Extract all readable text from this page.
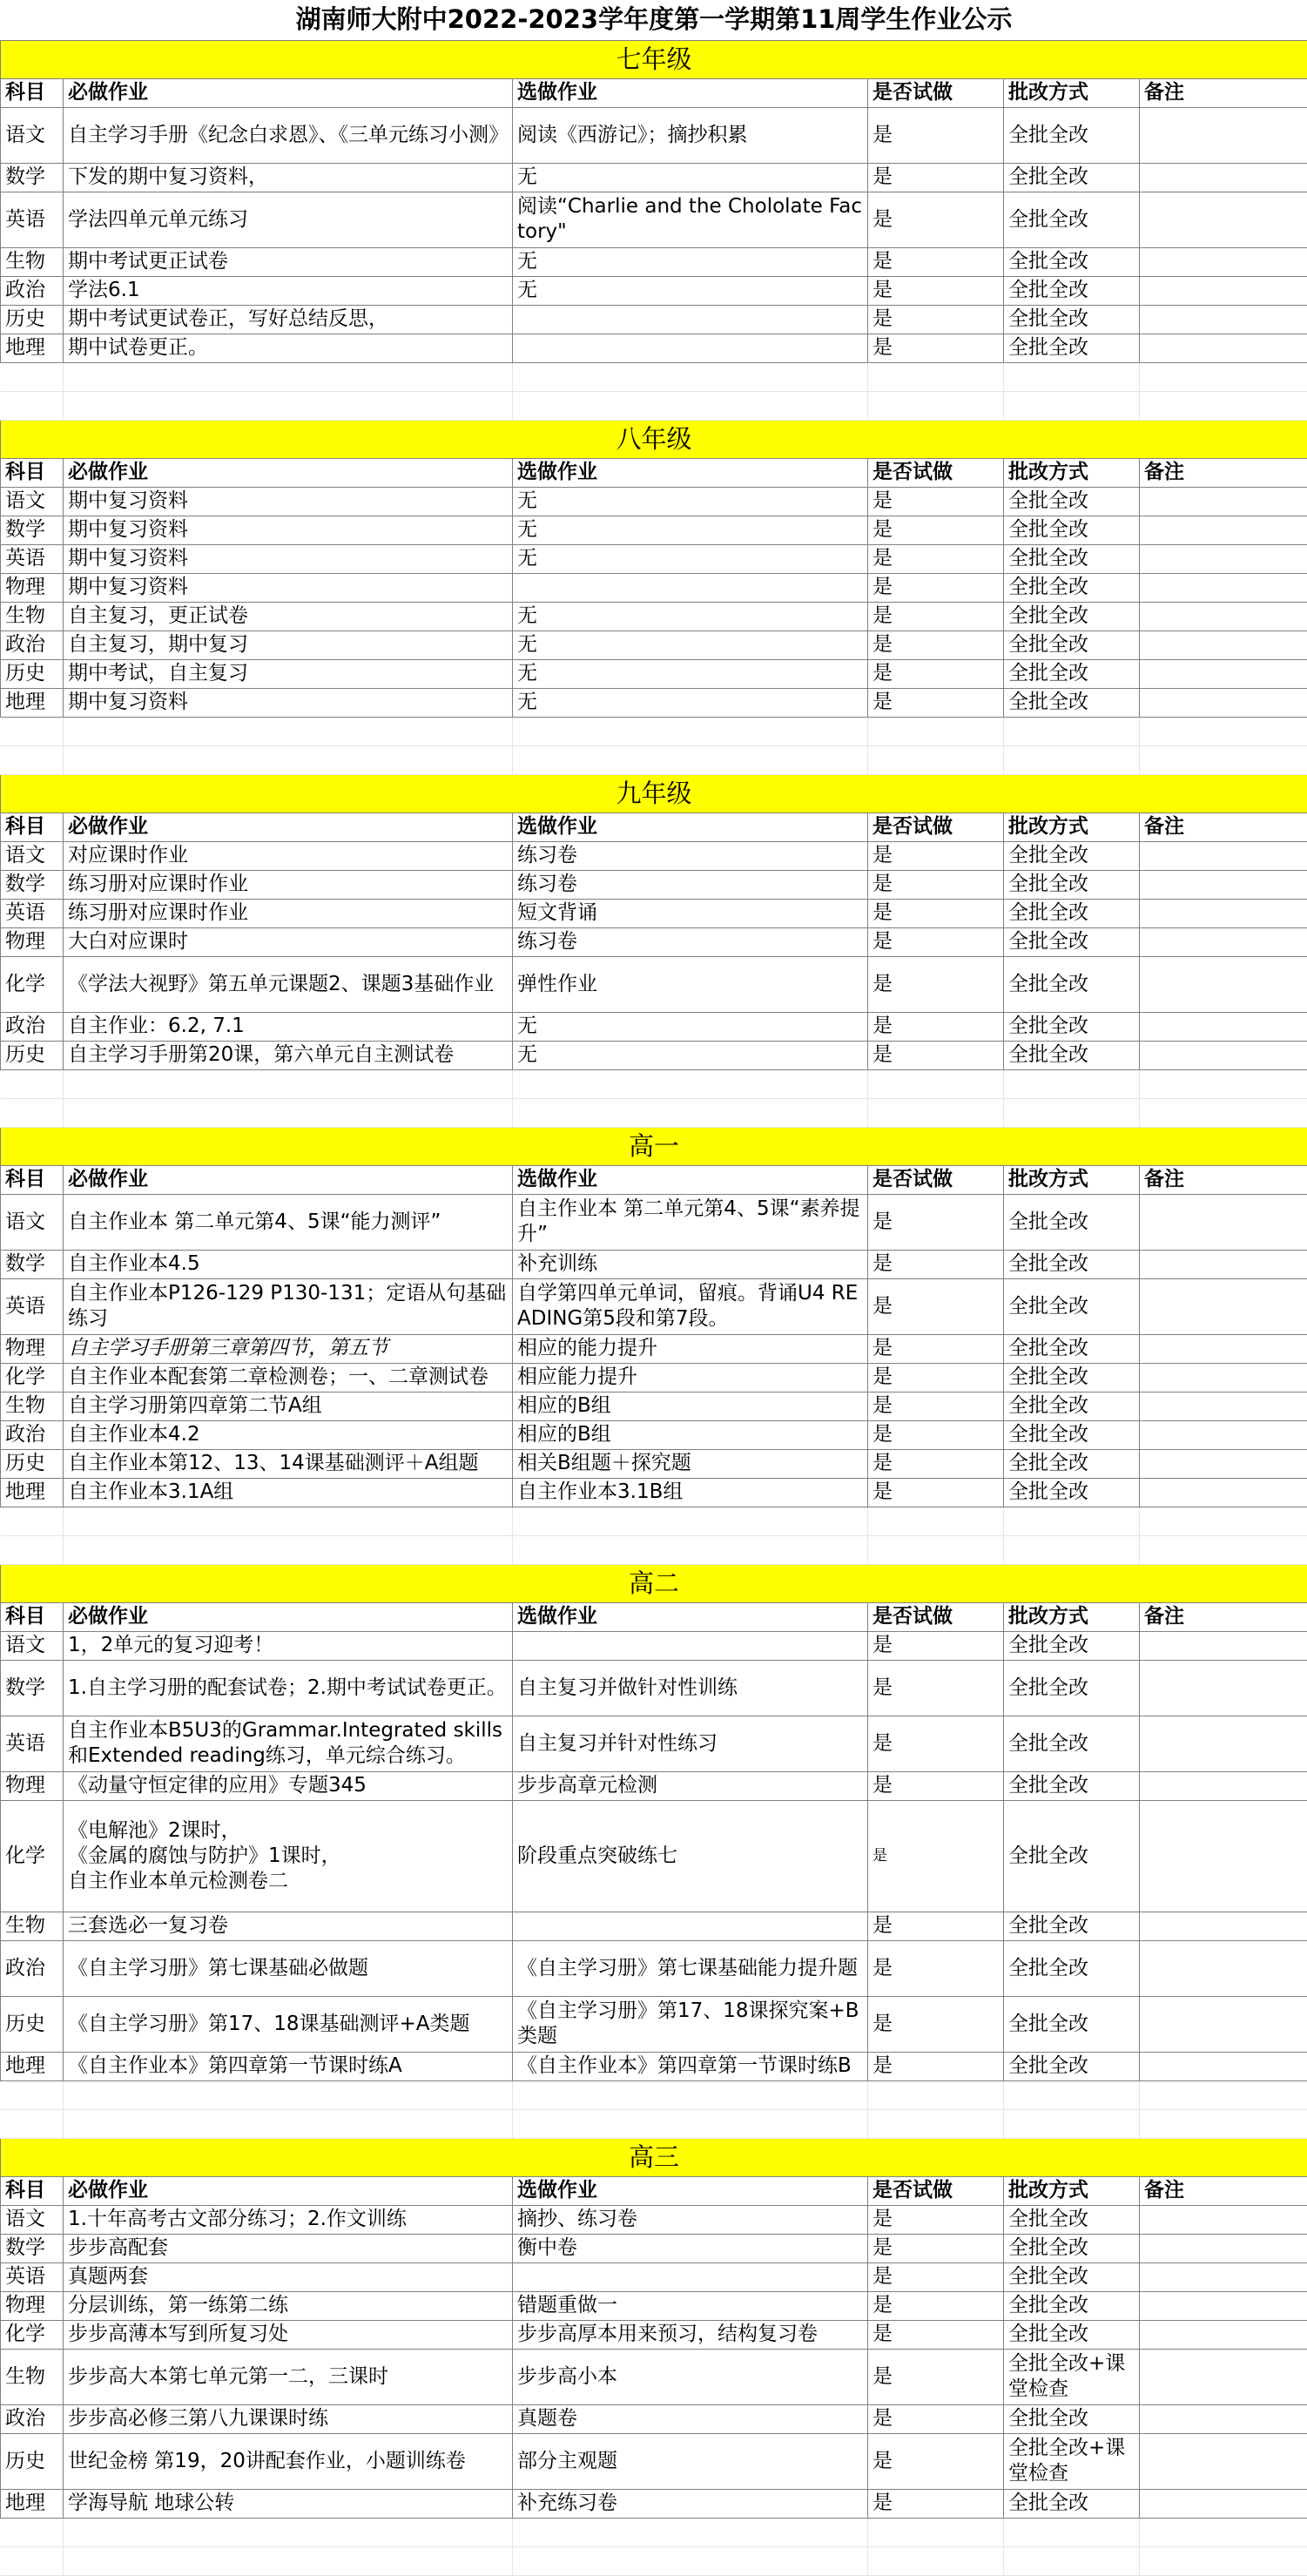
湖南师大附中2022-2023学年度第一学期第11周学生作业公示					
七年级					
科目	必做作业	选做作业	是否试做	批改方式	备注
语文	自主学习手册《纪念白求恩》、《三单元练习小测》	阅读《西游记》；摘抄积累	是	全批全改	
数学	下发的期中复习资料，	无	是	全批全改	
英语	学法四单元单元练习	阅读“Charlie and the Chololate Factory"	是	全批全改	
生物	期中考试更正试卷	无	是	全批全改	
政治	学法6.1	无	是	全批全改	
历史	期中考试更试卷正，写好总结反思，		是	全批全改	
地理	期中试卷更正。		是	全批全改	

八年级					
科目	必做作业	选做作业	是否试做	批改方式	备注
语文	期中复习资料	无	是	全批全改	
数学	期中复习资料	无	是	全批全改	
英语	期中复习资料	无	是	全批全改	
物理	期中复习资料		是	全批全改	
生物	自主复习，更正试卷	无	是	全批全改	
政治	自主复习，期中复习	无	是	全批全改	
历史	期中考试，自主复习	无	是	全批全改	
地理	期中复习资料	无	是	全批全改	

九年级					
科目	必做作业	选做作业	是否试做	批改方式	备注
语文	对应课时作业	练习卷	是	全批全改	
数学	练习册对应课时作业	练习卷	是	全批全改	
英语	练习册对应课时作业	短文背诵	是	全批全改	
物理	大白对应课时	练习卷	是	全批全改	
化学	《学法大视野》第五单元课题2、课题3基础作业	弹性作业	是	全批全改	
政治	自主作业：6.2, 7.1	无	是	全批全改	
历史	自主学习手册第20课，第六单元自主测试卷	无	是	全批全改	

高一					
科目	必做作业	选做作业	是否试做	批改方式	备注
语文	自主作业本 第二单元第4、5课“能力测评”	自主作业本 第二单元第4、5课“素养提升”	是	全批全改	
数学	自主作业本4.5	补充训练	是	全批全改	
英语	自主作业本P126-129 P130-131；定语从句基础练习	自学第四单元单词，留痕。背诵U4 READING第5段和第7段。	是	全批全改	
物理	自主学习手册第三章第四节，第五节	相应的能力提升	是	全批全改	
化学	自主作业本配套第二章检测卷；一、二章测试卷	相应能力提升	是	全批全改	
生物	自主学习册第四章第二节A组	相应的B组	是	全批全改	
政治	自主作业本4.2	相应的B组	是	全批全改	
历史	自主作业本第12、13、14课基础测评＋A组题	相关B组题＋探究题	是	全批全改	
地理	自主作业本3.1A组	自主作业本3.1B组	是	全批全改	

高二					
科目	必做作业	选做作业	是否试做	批改方式	备注
语文	1，2单元的复习迎考！		是	全批全改	
数学	1.自主学习册的配套试卷；2.期中考试试卷更正。	自主复习并做针对性训练	是	全批全改	
英语	自主作业本B5U3的Grammar.Integrated skills和Extended reading练习，单元综合练习。	自主复习并针对性练习	是	全批全改	
物理	《动量守恒定律的应用》专题345	步步高章元检测	是	全批全改	
化学	《电解池》2课时，
《金属的腐蚀与防护》1课时，
自主作业本单元检测卷二	阶段重点突破练七	是	全批全改	
生物	三套选必一复习卷		是	全批全改	
政治	《自主学习册》第七课基础必做题	《自主学习册》第七课基础能力提升题	是	全批全改	
历史	《自主学习册》第17、18课基础测评+A类题	《自主学习册》第17、18课探究案+B类题	是	全批全改	
地理	《自主作业本》第四章第一节课时练A	《自主作业本》第四章第一节课时练B	是	全批全改	

高三					
科目	必做作业	选做作业	是否试做	批改方式	备注
语文	1.十年高考古文部分练习；2.作文训练	摘抄、练习卷	是	全批全改	
数学	步步高配套	衡中卷	是	全批全改	
英语	真题两套		是	全批全改	
物理	分层训练，第一练第二练	错题重做一	是	全批全改	
化学	步步高薄本写到所复习处	步步高厚本用来预习，结构复习卷	是	全批全改	
生物	步步高大本第七单元第一二，三课时	步步高小本	是	全批全改+课堂检查	
政治	步步高必修三第八九课课时练	真题卷	是	全批全改	
历史	世纪金榜 第19，20讲配套作业，小题训练卷	部分主观题	是	全批全改+课堂检查	
地理	学海导航 地球公转	补充练习卷	是	全批全改	
